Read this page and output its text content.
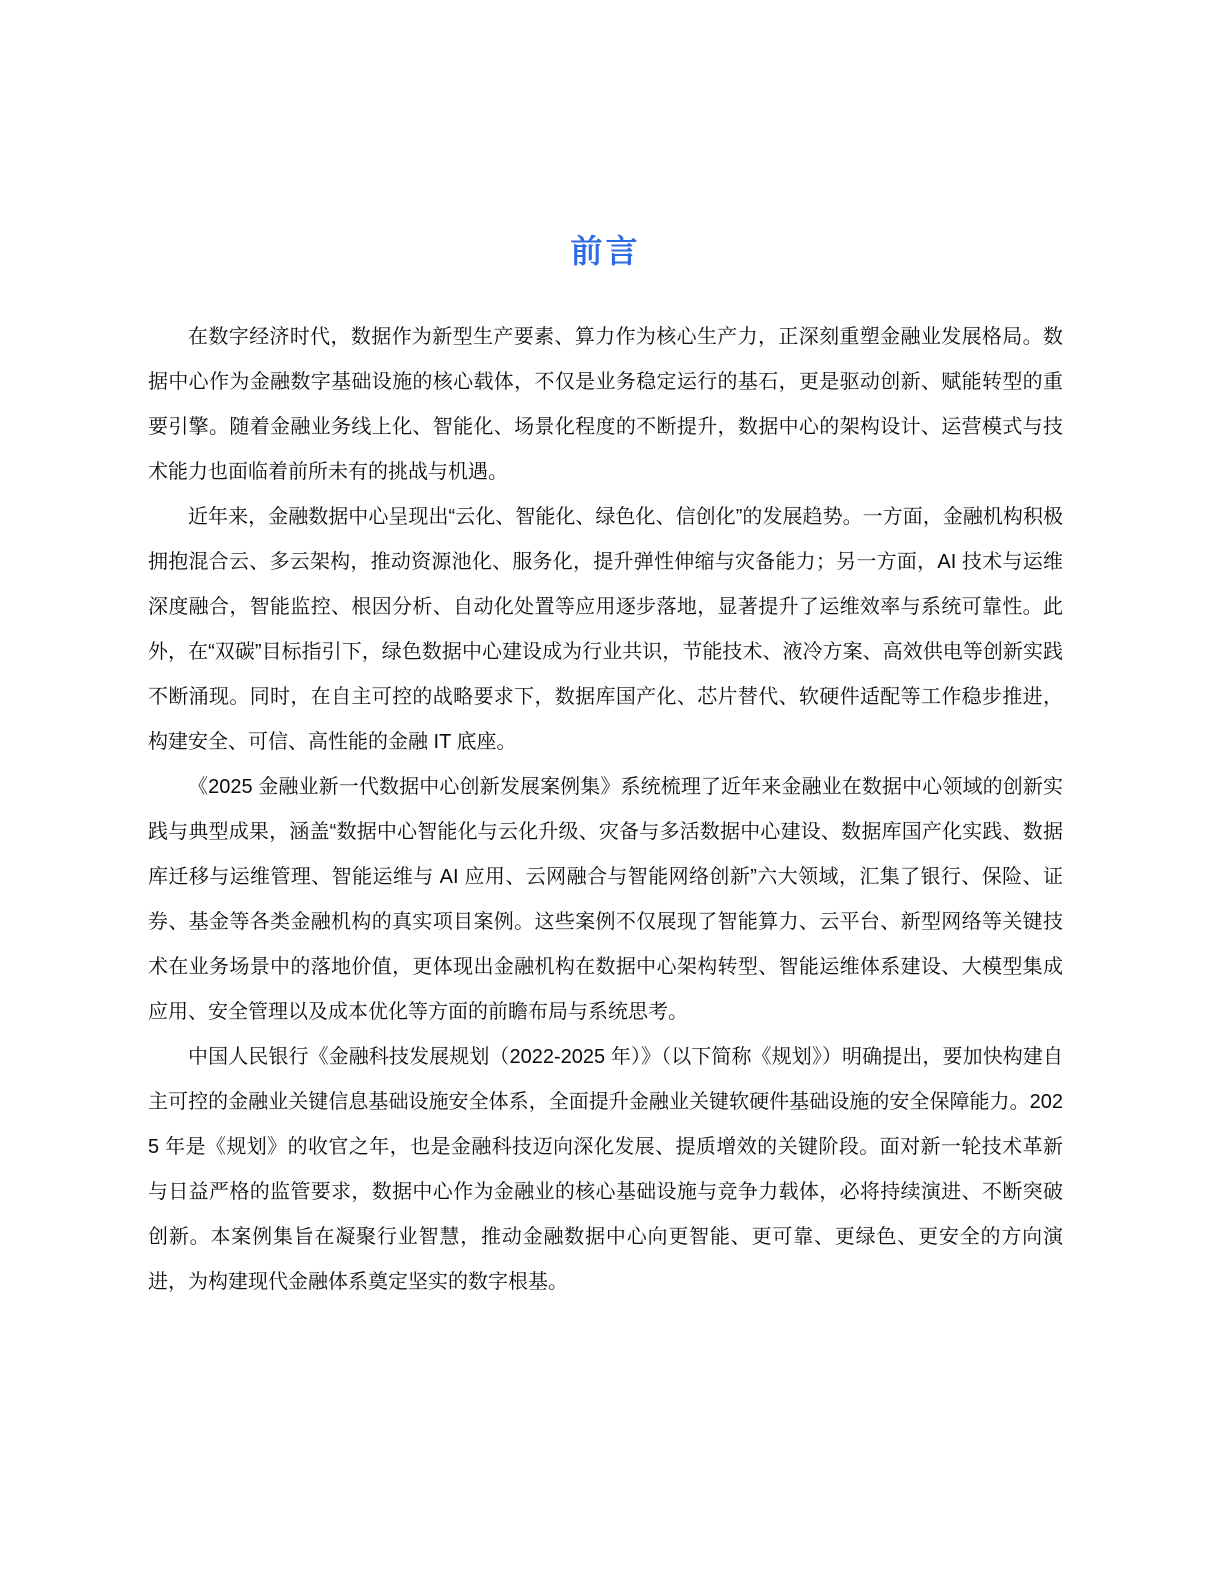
前言

在数字经济时代，数据作为新型生产要素、算力作为核心生产力，正深刻重塑金融业发展格局。数据中心作为金融数字基础设施的核心载体，不仅是业务稳定运行的基石，更是驱动创新、赋能转型的重要引擎。随着金融业务线上化、智能化、场景化程度的不断提升，数据中心的架构设计、运营模式与技术能力也面临着前所未有的挑战与机遇。

近年来，金融数据中心呈现出“云化、智能化、绿色化、信创化”的发展趋势。一方面，金融机构积极拥抱混合云、多云架构，推动资源池化、服务化，提升弹性伸缩与灾备能力；另一方面，AI 技术与运维深度融合，智能监控、根因分析、自动化处置等应用逐步落地，显著提升了运维效率与系统可靠性。此外，在“双碳”目标指引下，绿色数据中心建设成为行业共识，节能技术、液冷方案、高效供电等创新实践不断涌现。同时，在自主可控的战略要求下，数据库国产化、芯片替代、软硬件适配等工作稳步推进，构建安全、可信、高性能的金融 IT 底座。

《2025 金融业新一代数据中心创新发展案例集》系统梳理了近年来金融业在数据中心领域的创新实践与典型成果，涵盖“数据中心智能化与云化升级、灾备与多活数据中心建设、数据库国产化实践、数据库迁移与运维管理、智能运维与 AI 应用、云网融合与智能网络创新”六大领域，汇集了银行、保险、证券、基金等各类金融机构的真实项目案例。这些案例不仅展现了智能算力、云平台、新型网络等关键技术在业务场景中的落地价值，更体现出金融机构在数据中心架构转型、智能运维体系建设、大模型集成应用、安全管理以及成本优化等方面的前瞻布局与系统思考。

中国人民银行《金融科技发展规划（2022-2025 年）》（以下简称《规划》）明确提出，要加快构建自主可控的金融业关键信息基础设施安全体系，全面提升金融业关键软硬件基础设施的安全保障能力。2025 年是《规划》的收官之年，也是金融科技迈向深化发展、提质增效的关键阶段。面对新一轮技术革新与日益严格的监管要求，数据中心作为金融业的核心基础设施与竞争力载体，必将持续演进、不断突破创新。本案例集旨在凝聚行业智慧，推动金融数据中心向更智能、更可靠、更绿色、更安全的方向演进，为构建现代金融体系奠定坚实的数字根基。
